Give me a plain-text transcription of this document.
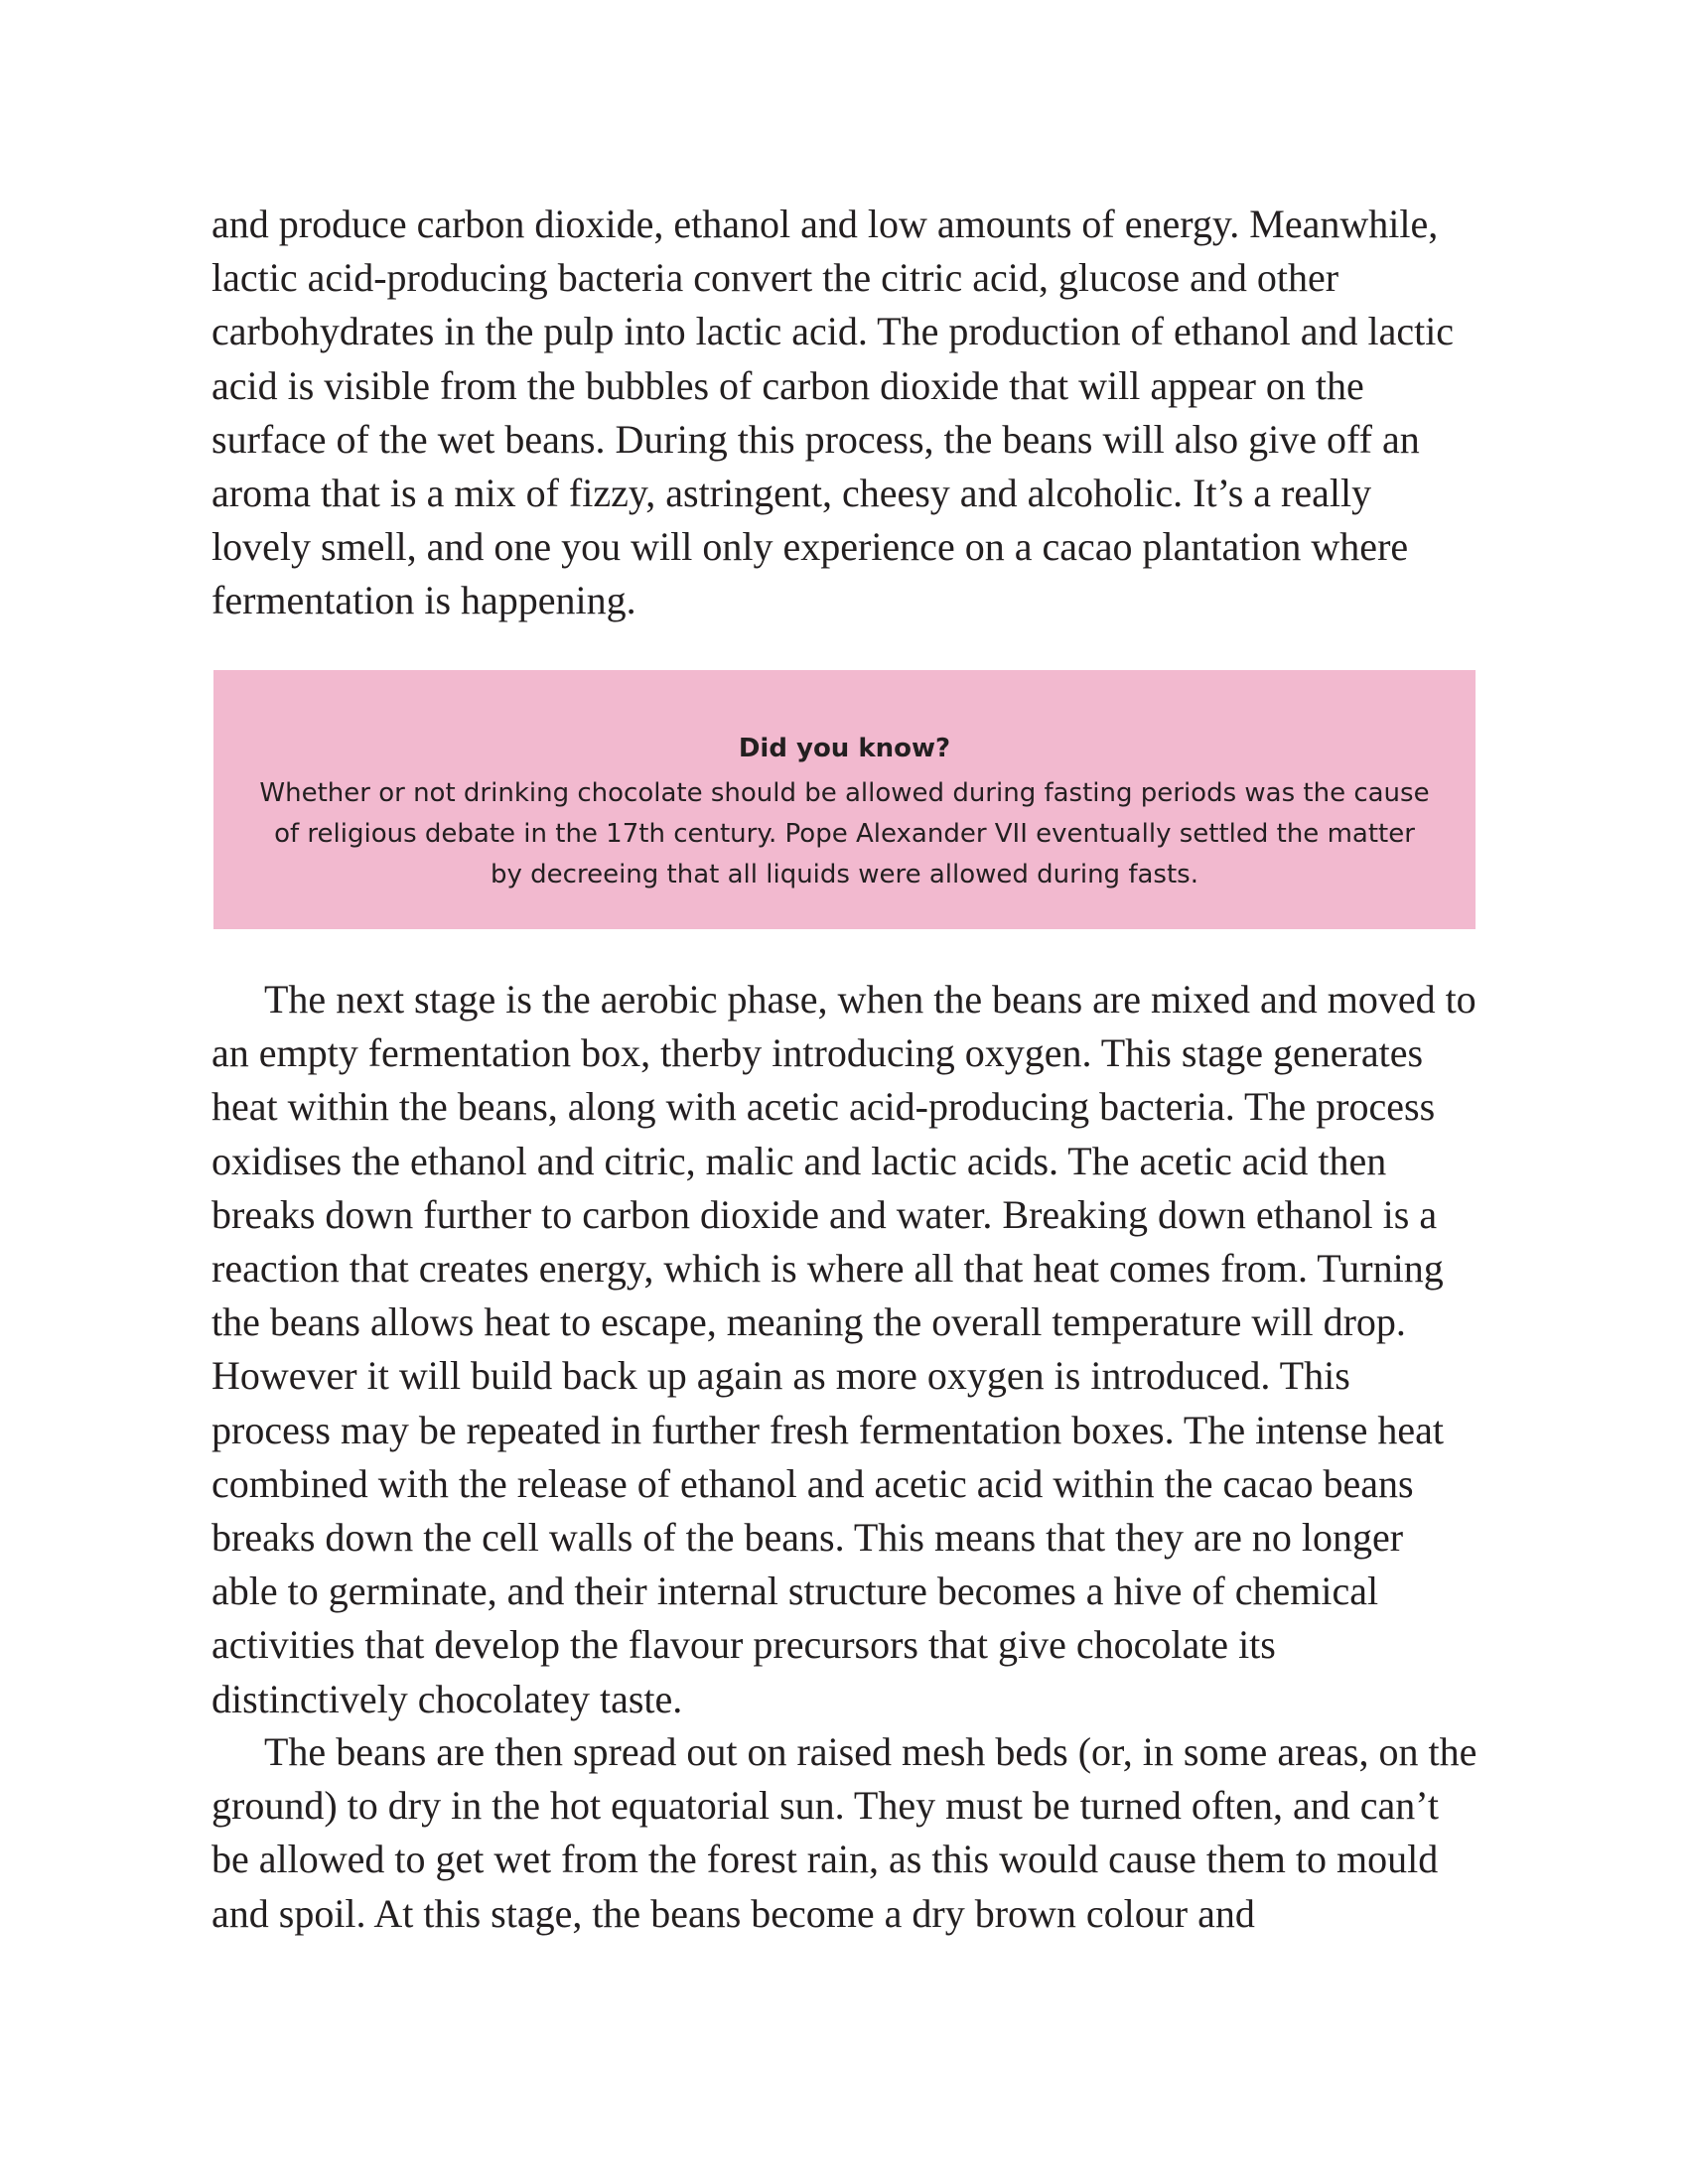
and produce carbon dioxide, ethanol and low amounts of energy. Meanwhile, lactic acid-producing bacteria convert the citric acid, glucose and other carbohydrates in the pulp into lactic acid. The production of ethanol and lactic acid is visible from the bubbles of carbon dioxide that will appear on the surface of the wet beans. During this process, the beans will also give off an aroma that is a mix of fizzy, astringent, cheesy and alcoholic. It’s a really lovely smell, and one you will only experience on a cacao plantation where fermentation is happening.

Did you know?

Whether or not drinking chocolate should be allowed during fasting periods was the cause of religious debate in the 17th century. Pope Alexander VII eventually settled the matter by decreeing that all liquids were allowed during fasts.

The next stage is the aerobic phase, when the beans are mixed and moved to an empty fermentation box, therby introducing oxygen. This stage generates heat within the beans, along with acetic acid-producing bacteria. The process oxidises the ethanol and citric, malic and lactic acids. The acetic acid then breaks down further to carbon dioxide and water. Breaking down ethanol is a reaction that creates energy, which is where all that heat comes from. Turning the beans allows heat to escape, meaning the overall temperature will drop. However it will build back up again as more oxygen is introduced. This process may be repeated in further fresh fermentation boxes. The intense heat combined with the release of ethanol and acetic acid within the cacao beans breaks down the cell walls of the beans. This means that they are no longer able to germinate, and their internal structure becomes a hive of chemical activities that develop the flavour precursors that give chocolate its distinctively chocolatey taste.

The beans are then spread out on raised mesh beds (or, in some areas, on the ground) to dry in the hot equatorial sun. They must be turned often, and can’t be allowed to get wet from the forest rain, as this would cause them to mould and spoil. At this stage, the beans become a dry brown colour and
